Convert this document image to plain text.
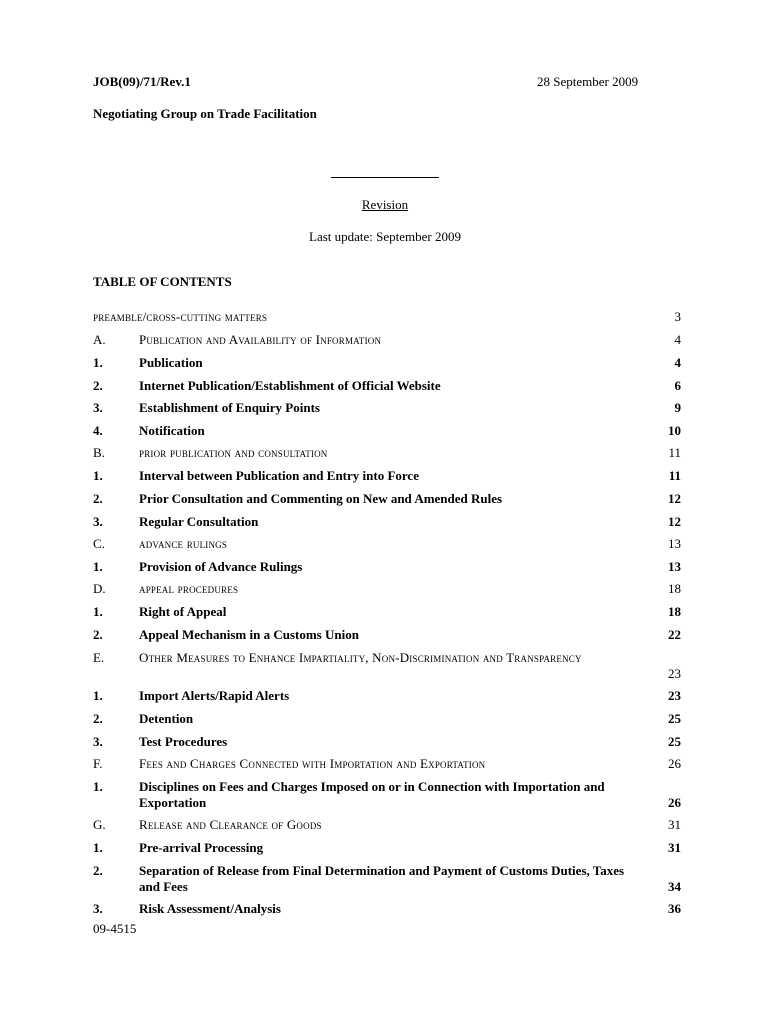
JOB(09)/71/Rev.1	28 September 2009
Negotiating Group on Trade Facilitation
Revision
Last update: September 2009
TABLE OF CONTENTS
preamble/cross-cutting matters	3
A.	Publication and Availability of Information	4
1.	Publication	4
2.	Internet Publication/Establishment of Official Website	6
3.	Establishment of Enquiry Points	9
4.	Notification	10
B.	prior publication and consultation	11
1.	Interval between Publication and Entry into Force	11
2.	Prior Consultation and Commenting on New and Amended Rules	12
3.	Regular Consultation	12
C.	advance rulings	13
1.	Provision of Advance Rulings	13
D.	appeal procedures	18
1.	Right of Appeal	18
2.	Appeal Mechanism in a Customs Union	22
E.	Other Measures to Enhance Impartiality, Non-Discrimination and Transparency
23
1.	Import Alerts/Rapid Alerts	23
2.	Detention	25
3.	Test Procedures	25
F.	Fees and Charges Connected with Importation and Exportation	26
1.	Disciplines on Fees and Charges Imposed on or in Connection with Importation and Exportation	26
G.	Release and Clearance of Goods	31
1.	Pre-arrival Processing	31
2.	Separation of Release from Final Determination and Payment of Customs Duties, Taxes and Fees	34
3.	Risk Assessment/Analysis	36
09-4515
